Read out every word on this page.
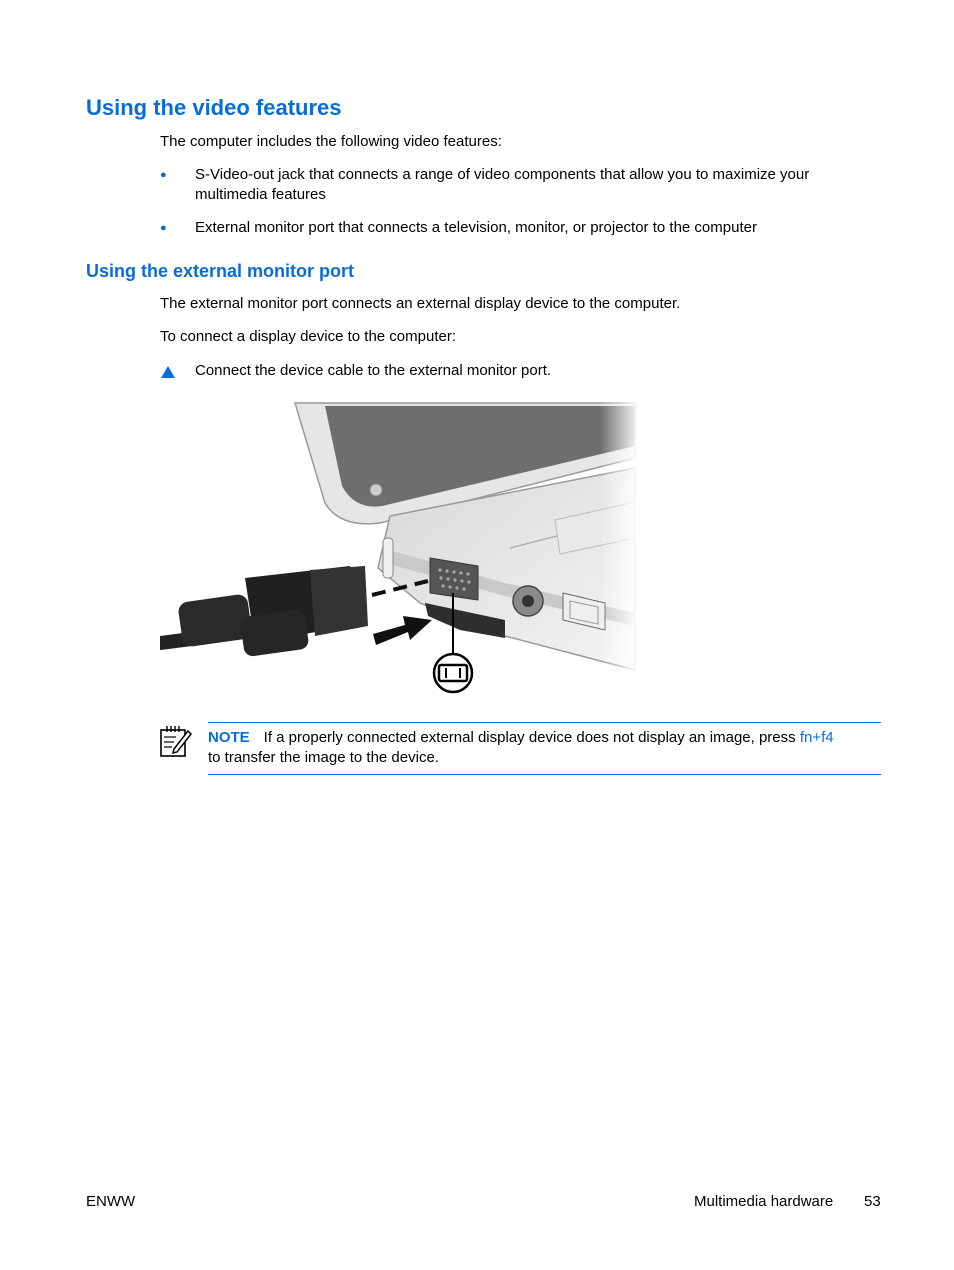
Using the video features

The computer includes the following video features:

●	S-Video-out jack that connects a range of video components that allow you to maximize your multimedia features
●	External monitor port that connects a television, monitor, or projector to the computer
Using the external monitor port

The external monitor port connects an external display device to the computer.

To connect a display device to the computer:

Connect the device cable to the external monitor port.
NOTE If a properly connected external display device does not display an image, press fn+f4
to transfer the image to the device.
ENWW	Multimedia hardware 53
